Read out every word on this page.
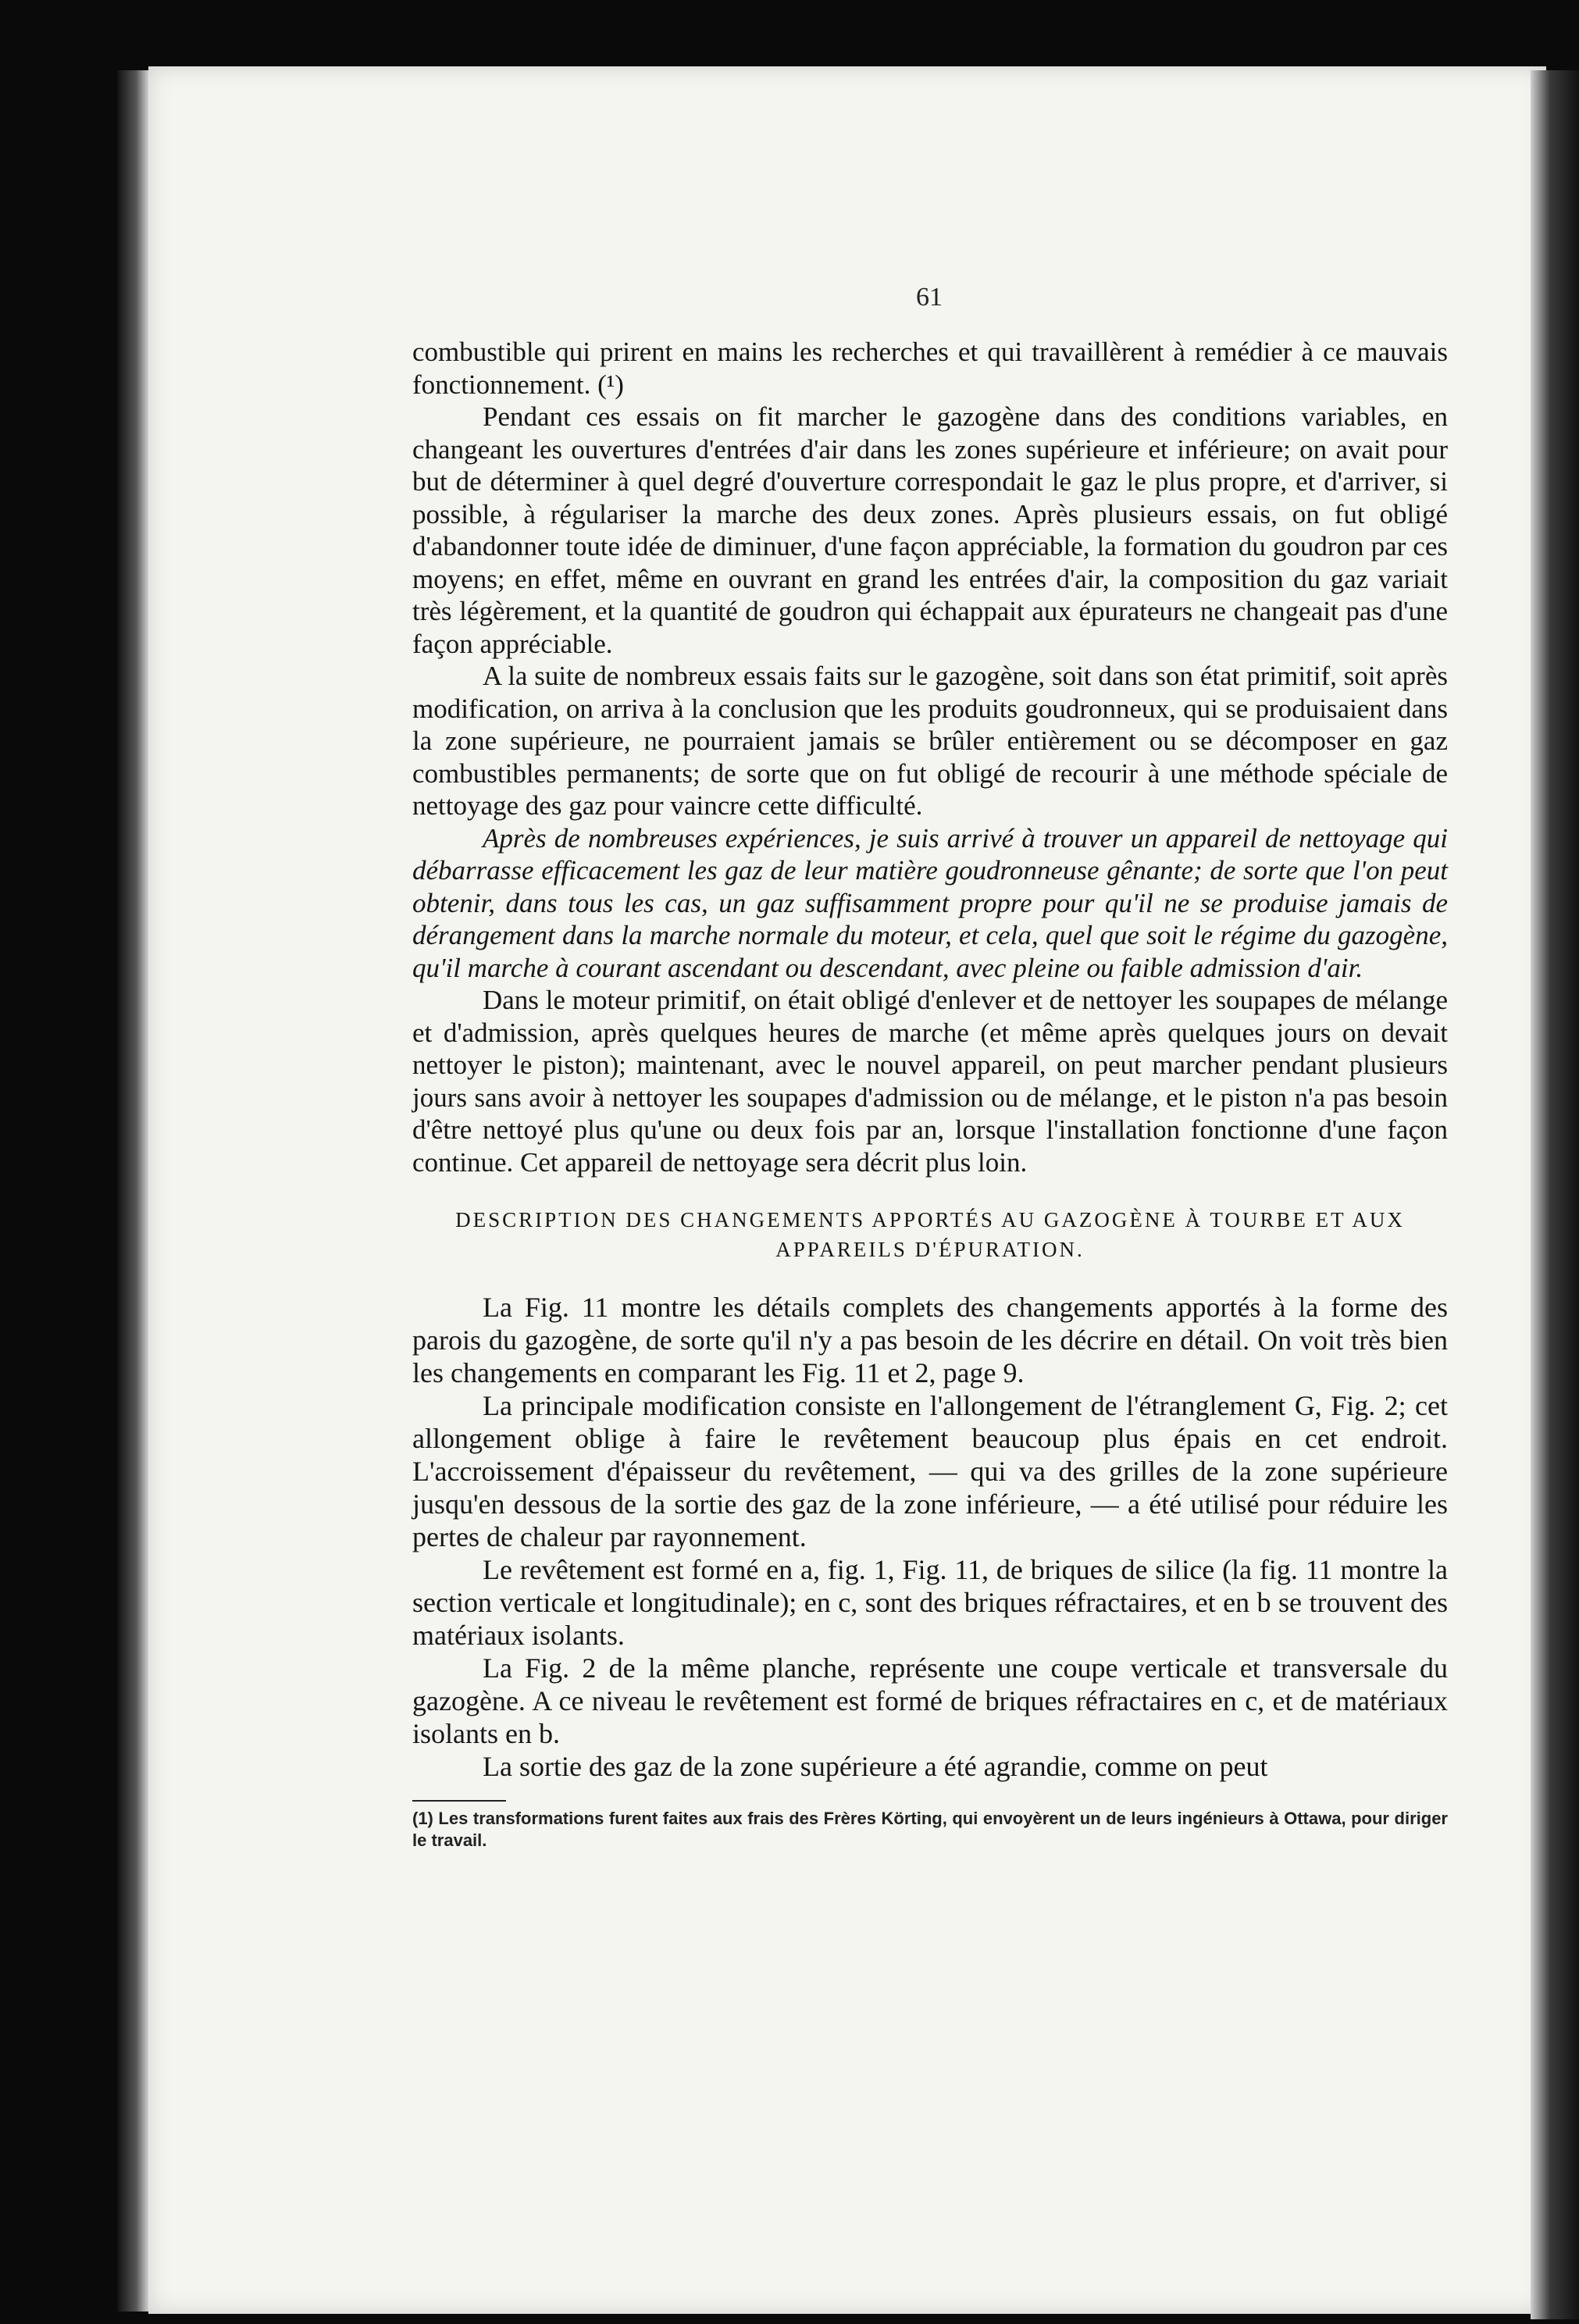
61

combustible qui prirent en mains les recherches et qui travaillèrent à remédier à ce mauvais fonctionnement. (¹)

Pendant ces essais on fit marcher le gazogène dans des conditions variables, en changeant les ouvertures d'entrées d'air dans les zones supérieure et inférieure; on avait pour but de déterminer à quel degré d'ouverture correspondait le gaz le plus propre, et d'arriver, si possible, à régulariser la marche des deux zones. Après plusieurs essais, on fut obligé d'abandonner toute idée de diminuer, d'une façon appréciable, la formation du goudron par ces moyens; en effet, même en ouvrant en grand les entrées d'air, la composition du gaz variait très légèrement, et la quantité de goudron qui échappait aux épurateurs ne changeait pas d'une façon appréciable.

A la suite de nombreux essais faits sur le gazogène, soit dans son état primitif, soit après modification, on arriva à la conclusion que les produits goudronneux, qui se produisaient dans la zone supérieure, ne pourraient jamais se brûler entièrement ou se décomposer en gaz combustibles permanents; de sorte que on fut obligé de recourir à une méthode spéciale de nettoyage des gaz pour vaincre cette difficulté.

Après de nombreuses expériences, je suis arrivé à trouver un appareil de nettoyage qui débarrasse efficacement les gaz de leur matière goudronneuse gênante; de sorte que l'on peut obtenir, dans tous les cas, un gaz suffisamment propre pour qu'il ne se produise jamais de dérangement dans la marche normale du moteur, et cela, quel que soit le régime du gazogène, qu'il marche à courant ascendant ou descendant, avec pleine ou faible admission d'air.

Dans le moteur primitif, on était obligé d'enlever et de nettoyer les soupapes de mélange et d'admission, après quelques heures de marche (et même après quelques jours on devait nettoyer le piston); maintenant, avec le nouvel appareil, on peut marcher pendant plusieurs jours sans avoir à nettoyer les soupapes d'admission ou de mélange, et le piston n'a pas besoin d'être nettoyé plus qu'une ou deux fois par an, lorsque l'installation fonctionne d'une façon continue. Cet appareil de nettoyage sera décrit plus loin.

DESCRIPTION DES CHANGEMENTS APPORTÉS AU GAZOGÈNE À TOURBE ET AUX APPAREILS D'ÉPURATION.

La Fig. 11 montre les détails complets des changements apportés à la forme des parois du gazogène, de sorte qu'il n'y a pas besoin de les décrire en détail. On voit très bien les changements en comparant les Fig. 11 et 2, page 9.

La principale modification consiste en l'allongement de l'étranglement G, Fig. 2; cet allongement oblige à faire le revêtement beaucoup plus épais en cet endroit. L'accroissement d'épaisseur du revêtement, — qui va des grilles de la zone supérieure jusqu'en dessous de la sortie des gaz de la zone inférieure, — a été utilisé pour réduire les pertes de chaleur par rayonnement.

Le revêtement est formé en a, fig. 1, Fig. 11, de briques de silice (la fig. 11 montre la section verticale et longitudinale); en c, sont des briques réfractaires, et en b se trouvent des matériaux isolants.

La Fig. 2 de la même planche, représente une coupe verticale et transversale du gazogène. A ce niveau le revêtement est formé de briques réfractaires en c, et de matériaux isolants en b.

La sortie des gaz de la zone supérieure a été agrandie, comme on peut

(1) Les transformations furent faites aux frais des Frères Körting, qui envoyèrent un de leurs ingénieurs à Ottawa, pour diriger le travail.
